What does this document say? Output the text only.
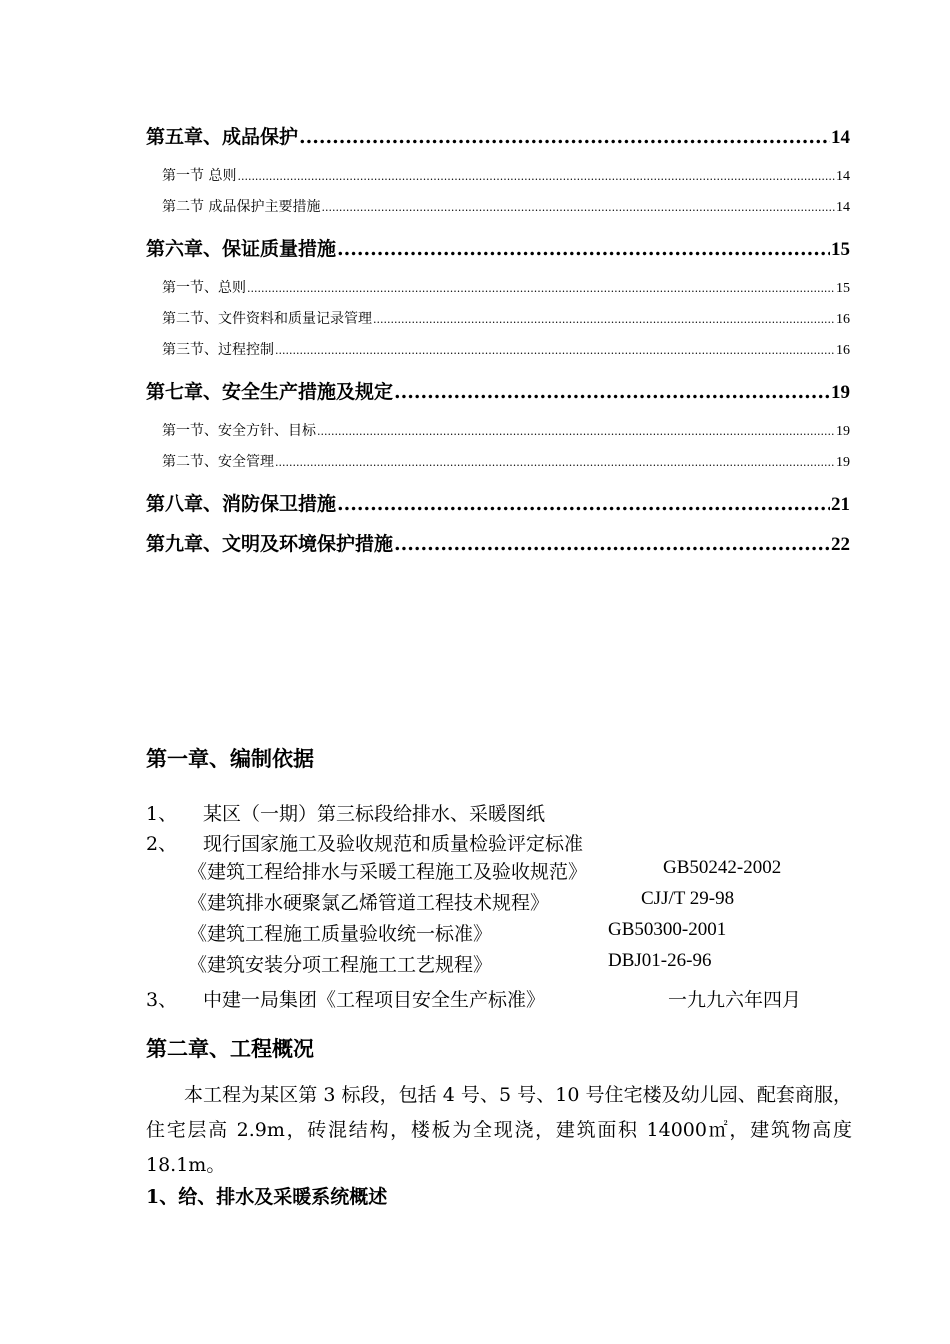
第五章、成品保护 .....	14
第一节 总则 .....	14
第二节 成品保护主要措施 .....	14
第六章、保证质量措施 .....	15
第一节、总则 .....	15
第二节、文件资料和质量记录管理 .....	16
第三节、过程控制 .....	16
第七章、安全生产措施及规定 .....	19
第一节、安全方针、目标 .....	19
第二节、安全管理 .....	19
第八章、消防保卫措施 .....	21
第九章、文明及环境保护措施 .....	22
第一章、编制依据
1、 某区（一期）第三标段给排水、采暖图纸
2、 现行国家施工及验收规范和质量检验评定标准
《建筑工程给排水与采暖工程施工及验收规范》	GB50242-2002
《建筑排水硬聚氯乙烯管道工程技术规程》	CJJ/T 29-98
《建筑工程施工质量验收统一标准》	GB50300-2001
《建筑安装分项工程施工工艺规程》	DBJ01-26-96
3、 中建一局集团《工程项目安全生产标准》	一九九六年四月
第二章、工程概况
本工程为某区第 3 标段，包括 4 号、5 号、10 号住宅楼及幼儿园、配套商服，住宅层高 2.9m，砖混结构，楼板为全现浇，建筑面积 14000㎡，建筑物高度 18.1m。
1、给、排水及采暖系统概述
